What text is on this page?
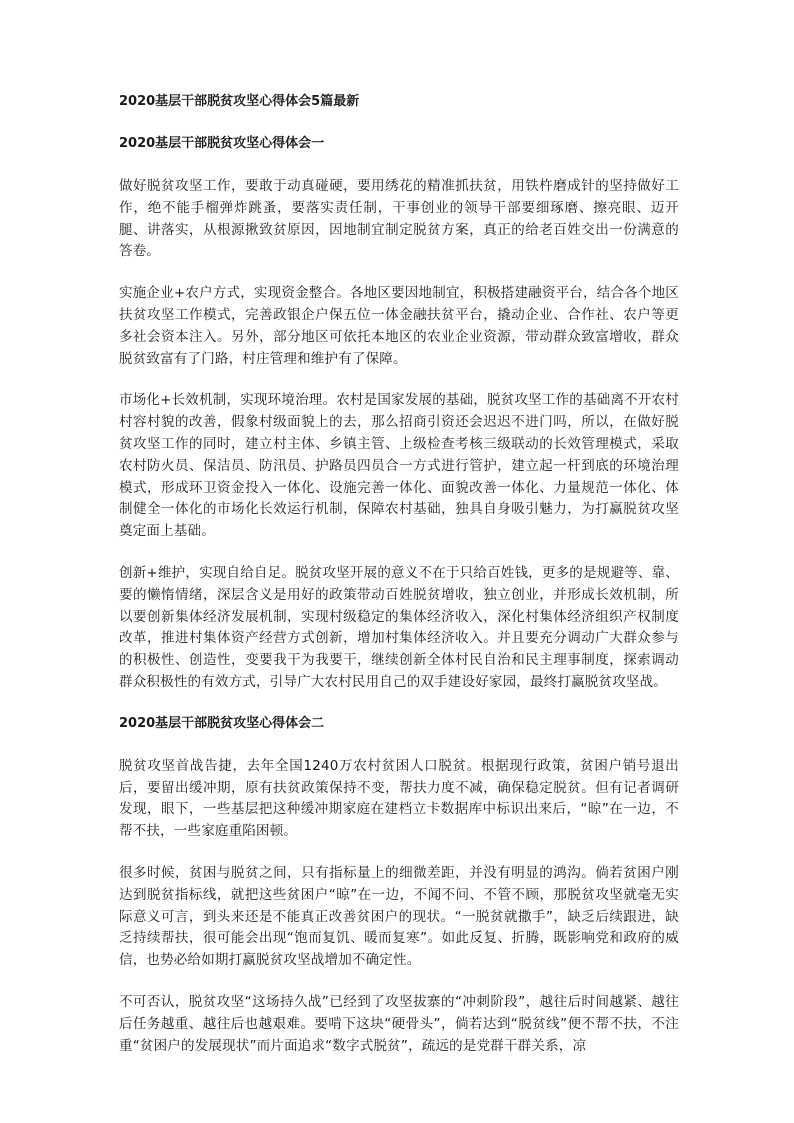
2020基层干部脱贫攻坚心得体会5篇最新
2020基层干部脱贫攻坚心得体会一

做好脱贫攻坚工作，要敢于动真碰硬，要用绣花的精准抓扶贫，用铁杵磨成针的坚持做好工作，绝不能手榴弹炸跳蚤，要落实责任制，干事创业的领导干部要细琢磨、擦亮眼、迈开腿、讲落实，从根源揪致贫原因，因地制宜制定脱贫方案，真正的给老百姓交出一份满意的答卷。

实施企业+农户方式，实现资金整合。各地区要因地制宜，积极搭建融资平台，结合各个地区扶贫攻坚工作模式，完善政银企户保五位一体金融扶贫平台，撬动企业、合作社、农户等更多社会资本注入。另外，部分地区可依托本地区的农业企业资源，带动群众致富增收，群众脱贫致富有了门路，村庄管理和维护有了保障。

市场化+长效机制，实现环境治理。农村是国家发展的基础，脱贫攻坚工作的基础离不开农村村容村貌的改善，假象村级面貌上的去，那么招商引资还会迟迟不进门吗，所以，在做好脱贫攻坚工作的同时，建立村主体、乡镇主管、上级检查考核三级联动的长效管理模式，采取农村防火员、保洁员、防汛员、护路员四员合一方式进行管护，建立起一杆到底的环境治理模式，形成环卫资金投入一体化、设施完善一体化、面貌改善一体化、力量规范一体化、体制健全一体化的市场化长效运行机制，保障农村基础，独具自身吸引魅力，为打赢脱贫攻坚奠定面上基础。

创新+维护，实现自给自足。脱贫攻坚开展的意义不在于只给百姓钱，更多的是规避等、靠、要的懒惰情绪，深层含义是用好的政策带动百姓脱贫增收，独立创业，并形成长效机制，所以要创新集体经济发展机制，实现村级稳定的集体经济收入，深化村集体经济组织产权制度改革，推进村集体资产经营方式创新，增加村集体经济收入。并且要充分调动广大群众参与的积极性、创造性，变要我干为我要干，继续创新全体村民自治和民主理事制度，探索调动群众积极性的有效方式，引导广大农村民用自己的双手建设好家园，最终打赢脱贫攻坚战。

2020基层干部脱贫攻坚心得体会二

脱贫攻坚首战告捷，去年全国1240万农村贫困人口脱贫。根据现行政策，贫困户销号退出后，要留出缓冲期，原有扶贫政策保持不变，帮扶力度不减，确保稳定脱贫。但有记者调研发现，眼下，一些基层把这种缓冲期家庭在建档立卡数据库中标识出来后，“晾”在一边，不帮不扶，一些家庭重陷困顿。

很多时候，贫困与脱贫之间，只有指标量上的细微差距，并没有明显的鸿沟。倘若贫困户刚达到脱贫指标线，就把这些贫困户“晾”在一边，不闻不问、不管不顾，那脱贫攻坚就毫无实际意义可言，到头来还是不能真正改善贫困户的现状。“一脱贫就撒手”，缺乏后续跟进，缺乏持续帮扶，很可能会出现“饱而复饥、暖而复寒”。如此反复、折腾，既影响党和政府的威信，也势必给如期打赢脱贫攻坚战增加不确定性。

不可否认，脱贫攻坚“这场持久战”已经到了攻坚拔寨的“冲刺阶段”，越往后时间越紧、越往后任务越重、越往后也越艰难。要啃下这块“硬骨头”，倘若达到“脱贫线”便不帮不扶，不注重“贫困户的发展现状”而片面追求“数字式脱贫”，疏远的是党群干群关系，凉
